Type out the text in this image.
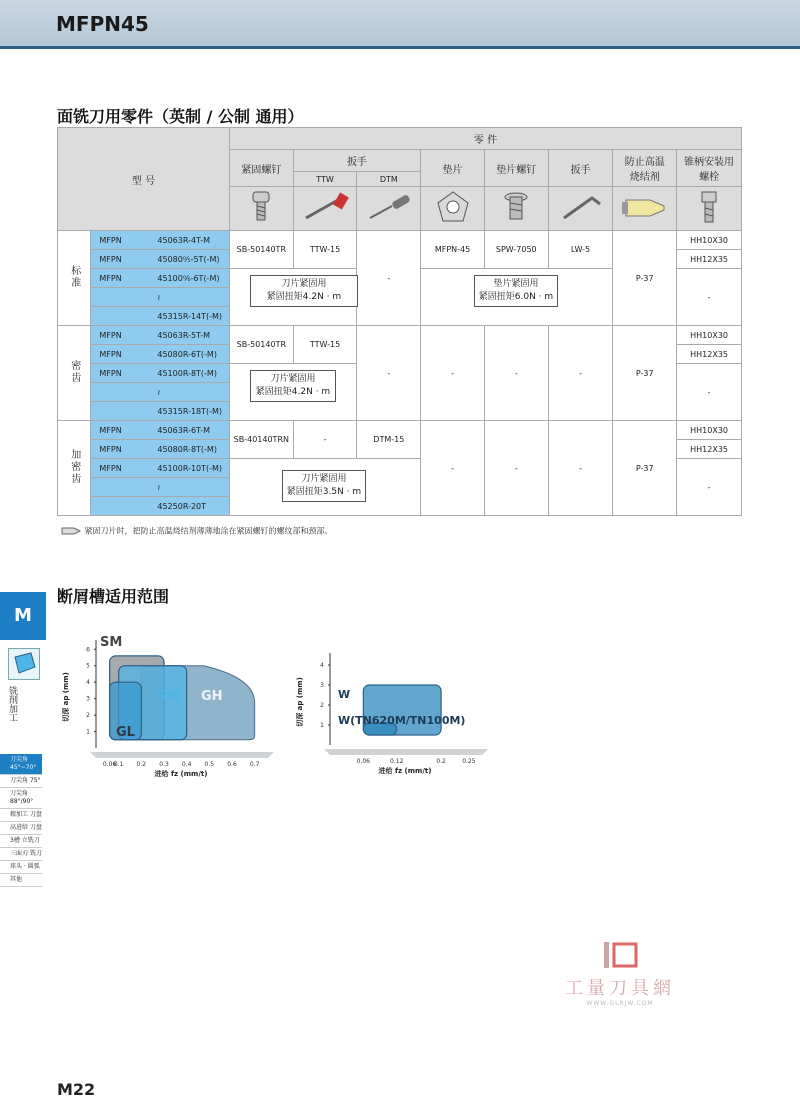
MFPN45
面铣刀用零件（英制 / 公制 通用）
型 号		零 件							
		紧固螺钉	扳手		垫片	垫片螺钉	扳手	防止高温
烧结剂	锥柄安装用
螺栓
			TTW	DTM					

标准	MFPN 45063R-4T-M	SB-50140TR	TTW-15	-	MFPN-45	SPW-7050	LW-5	P-37	HH10X30
	MFPN 45080⁰⁄₅-5T(-M)								HH12X35
	MFPN 45100⁰⁄₆-6T(-M)								-
	≀								
	45315R-14T(-M)								
密齿	MFPN 45063R-5T-M	SB-50140TR	TTW-15	-	-	-	-	P-37	HH10X30
	MFPN 45080R-6T(-M)								HH12X35
	MFPN 45100R-8T(-M)								-
	≀								
	45315R-18T(-M)								
加密齿	MFPN 45063R-6T-M	SB-40140TRN	-	DTM-15	-	-	-	P-37	HH10X30
	MFPN 45080R-8T(-M)								HH12X35
	MFPN 45100R-10T(-M)								-
	≀								
	45250R-20T								
刀片紧固用
紧固扭矩4.2N · m
垫片紧固用
紧固扭矩6.0N · m
刀片紧固用
紧固扭矩4.2N · m
刀片紧固用
紧固扭矩3.5N · m
紧固刀片时，把防止高温烧结剂薄薄地涂在紧固螺钉的螺纹部和颈部。
断屑槽适用范围
1
2
3
4
5
6
0.06
0.1 0.2 0.3 0.4 0.5 0.6 0.7
进给 fz (mm/t)
切深 ap (mm)	GH
SM
GM
GL	1
2
3
4
0.06	0.12	0.2	0.25
进给 fz (mm/t)
切深 ap (mm)	W
W(TN620M/TN100M)
M
铣削加工
刀尖角 45°~70°
刀尖角 75°
刀尖角 88°/90°
精加工 刀盘
高进给 刀盘
3槽 立铣刀
三面刃 铣刀
球头 · 圆弧
其他
工量刀具網
WWW.GLRJW.COM
M22
